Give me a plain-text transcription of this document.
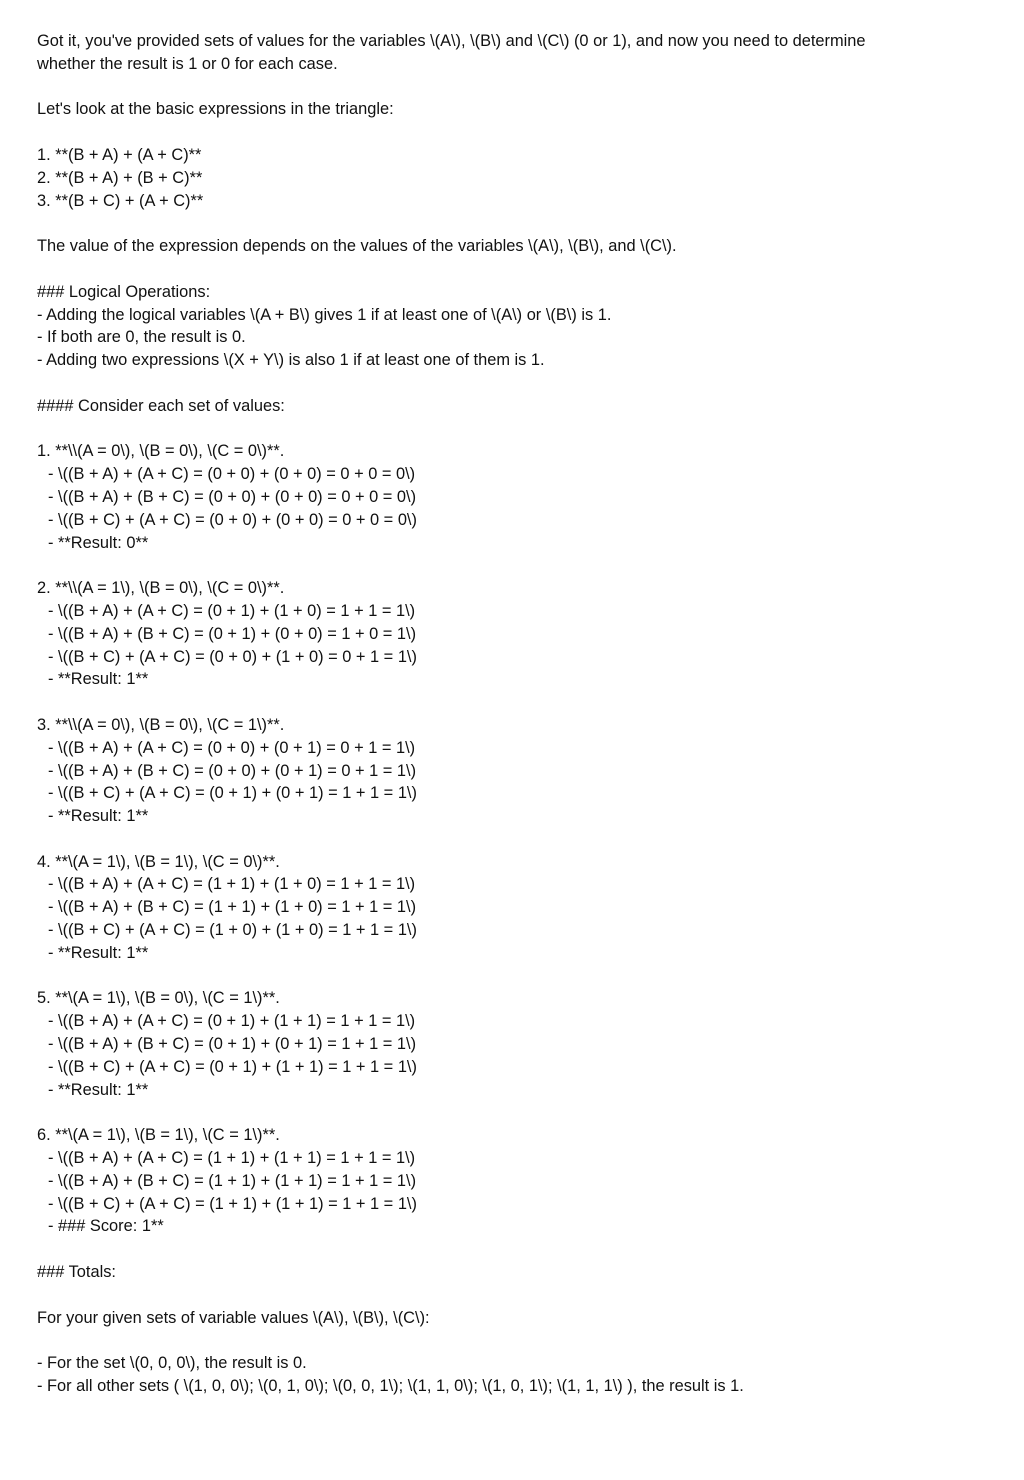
Got it, you've provided sets of values for the variables \(A\), \(B\) and \(C\) (0 or 1), and now you need to determine
whether the result is 1 or 0 for each case.
Let's look at the basic expressions in the triangle:
1. **(B + A) + (A + C)**
2. **(B + A) + (B + C)**
3. **(B + C) + (A + C)**
The value of the expression depends on the values of the variables \(A\), \(B\), and \(C\).
### Logical Operations:
- Adding the logical variables \(A + B\) gives 1 if at least one of \(A\) or \(B\) is 1.
- If both are 0, the result is 0.
- Adding two expressions \(X + Y\) is also 1 if at least one of them is 1.
#### Consider each set of values:
1. **\\(A = 0\), \(B = 0\), \(C = 0\)**.
- \((B + A) + (A + C) = (0 + 0) + (0 + 0) = 0 + 0 = 0\)
- \((B + A) + (B + C) = (0 + 0) + (0 + 0) = 0 + 0 = 0\)
- \((B + C) + (A + C) = (0 + 0) + (0 + 0) = 0 + 0 = 0\)
- **Result: 0**
2. **\\(A = 1\), \(B = 0\), \(C = 0\)**.
- \((B + A) + (A + C) = (0 + 1) + (1 + 0) = 1 + 1 = 1\)
- \((B + A) + (B + C) = (0 + 1) + (0 + 0) = 1 + 0 = 1\)
- \((B + C) + (A + C) = (0 + 0) + (1 + 0) = 0 + 1 = 1\)
- **Result: 1**
3. **\\(A = 0\), \(B = 0\), \(C = 1\)**.
- \((B + A) + (A + C) = (0 + 0) + (0 + 1) = 0 + 1 = 1\)
- \((B + A) + (B + C) = (0 + 0) + (0 + 1) = 0 + 1 = 1\)
- \((B + C) + (A + C) = (0 + 1) + (0 + 1) = 1 + 1 = 1\)
- **Result: 1**
4. **\(A = 1\), \(B = 1\), \(C = 0\)**.
- \((B + A) + (A + C) = (1 + 1) + (1 + 0) = 1 + 1 = 1\)
- \((B + A) + (B + C) = (1 + 1) + (1 + 0) = 1 + 1 = 1\)
- \((B + C) + (A + C) = (1 + 0) + (1 + 0) = 1 + 1 = 1\)
- **Result: 1**
5. **\(A = 1\), \(B = 0\), \(C = 1\)**.
- \((B + A) + (A + C) = (0 + 1) + (1 + 1) = 1 + 1 = 1\)
- \((B + A) + (B + C) = (0 + 1) + (0 + 1) = 1 + 1 = 1\)
- \((B + C) + (A + C) = (0 + 1) + (1 + 1) = 1 + 1 = 1\)
- **Result: 1**
6. **\(A = 1\), \(B = 1\), \(C = 1\)**.
- \((B + A) + (A + C) = (1 + 1) + (1 + 1) = 1 + 1 = 1\)
- \((B + A) + (B + C) = (1 + 1) + (1 + 1) = 1 + 1 = 1\)
- \((B + C) + (A + C) = (1 + 1) + (1 + 1) = 1 + 1 = 1\)
- ### Score: 1**
### Totals:
For your given sets of variable values \(A\), \(B\), \(C\):
- For the set \(0, 0, 0\), the result is 0.
- For all other sets ( \(1, 0, 0\); \(0, 1, 0\); \(0, 0, 1\); \(1, 1, 0\); \(1, 0, 1\); \(1, 1, 1\) ), the result is 1.
